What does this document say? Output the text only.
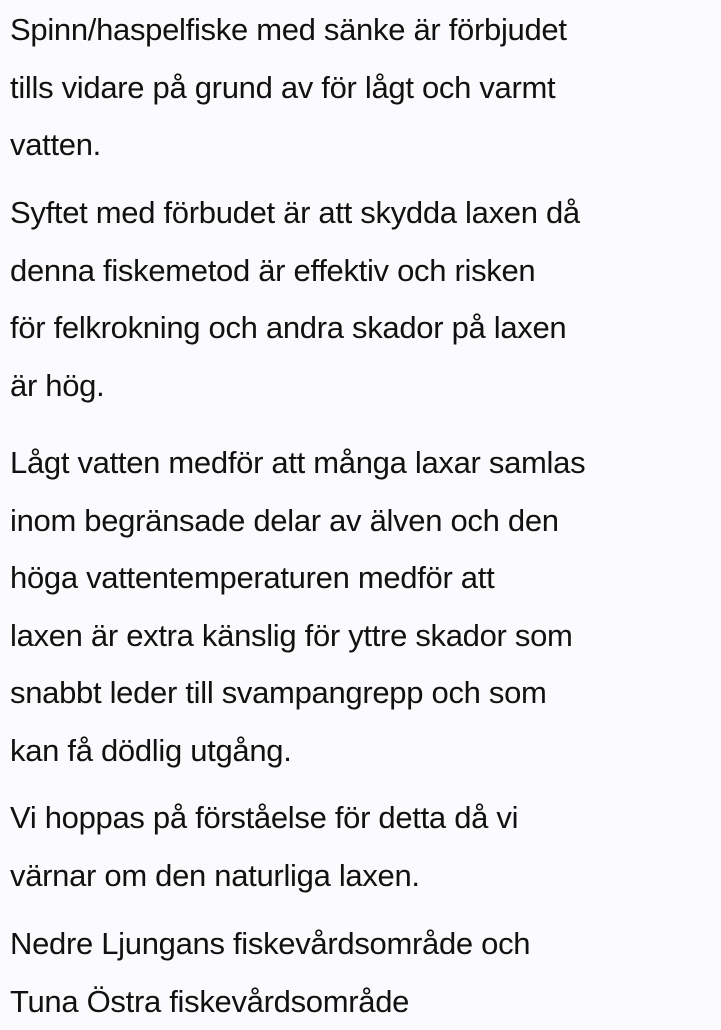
Spinn/haspelfiske med sänke är förbjudet
tills vidare på grund av för lågt och varmt
vatten.
Syftet med förbudet är att skydda laxen då
denna fiskemetod är effektiv och risken
för felkrokning och andra skador på laxen
är hög.
Lågt vatten medför att många laxar samlas
inom begränsade delar av älven och den
höga vattentemperaturen medför att
laxen är extra känslig för yttre skador som
snabbt leder till svampangrepp och som
kan få dödlig utgång.
Vi hoppas på förståelse för detta då vi
värnar om den naturliga laxen.
Nedre Ljungans fiskevårdsområde och
Tuna Östra fiskevårdsområde
